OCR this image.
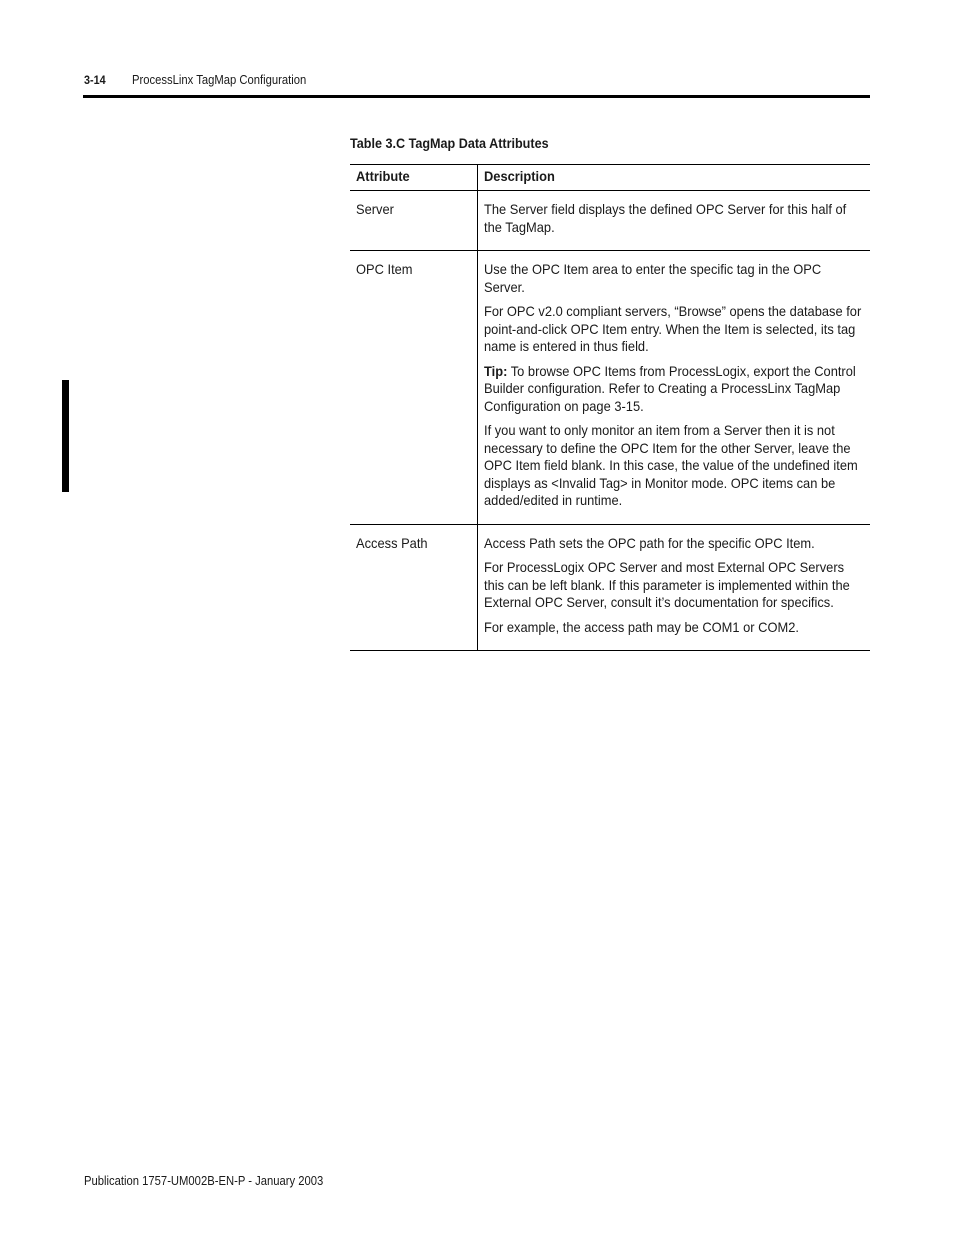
3-14 ProcessLinx TagMap Configuration
Table 3.C TagMap Data Attributes
Attribute	Description
Server	The Server field displays the defined OPC Server for this half of the TagMap.

OPC Item	Use the OPC Item area to enter the specific tag in the OPC Server.

For OPC v2.0 compliant servers, “Browse” opens the database for point-and-click OPC Item entry. When the Item is selected, its tag name is entered in thus field.

Tip: To browse OPC Items from ProcessLogix, export the Control Builder configuration. Refer to Creating a ProcessLinx TagMap Configuration on page 3-15.

If you want to only monitor an item from a Server then it is not necessary to define the OPC Item for the other Server, leave the OPC Item field blank. In this case, the value of the undefined item displays as <Invalid Tag> in Monitor mode. OPC items can be added/edited in runtime.

Access Path	Access Path sets the OPC path for the specific OPC Item.

For ProcessLogix OPC Server and most External OPC Servers this can be left blank. If this parameter is implemented within the External OPC Server, consult it’s documentation for specifics.

For example, the access path may be COM1 or COM2.

Publication 1757-UM002B-EN-P - January 2003
